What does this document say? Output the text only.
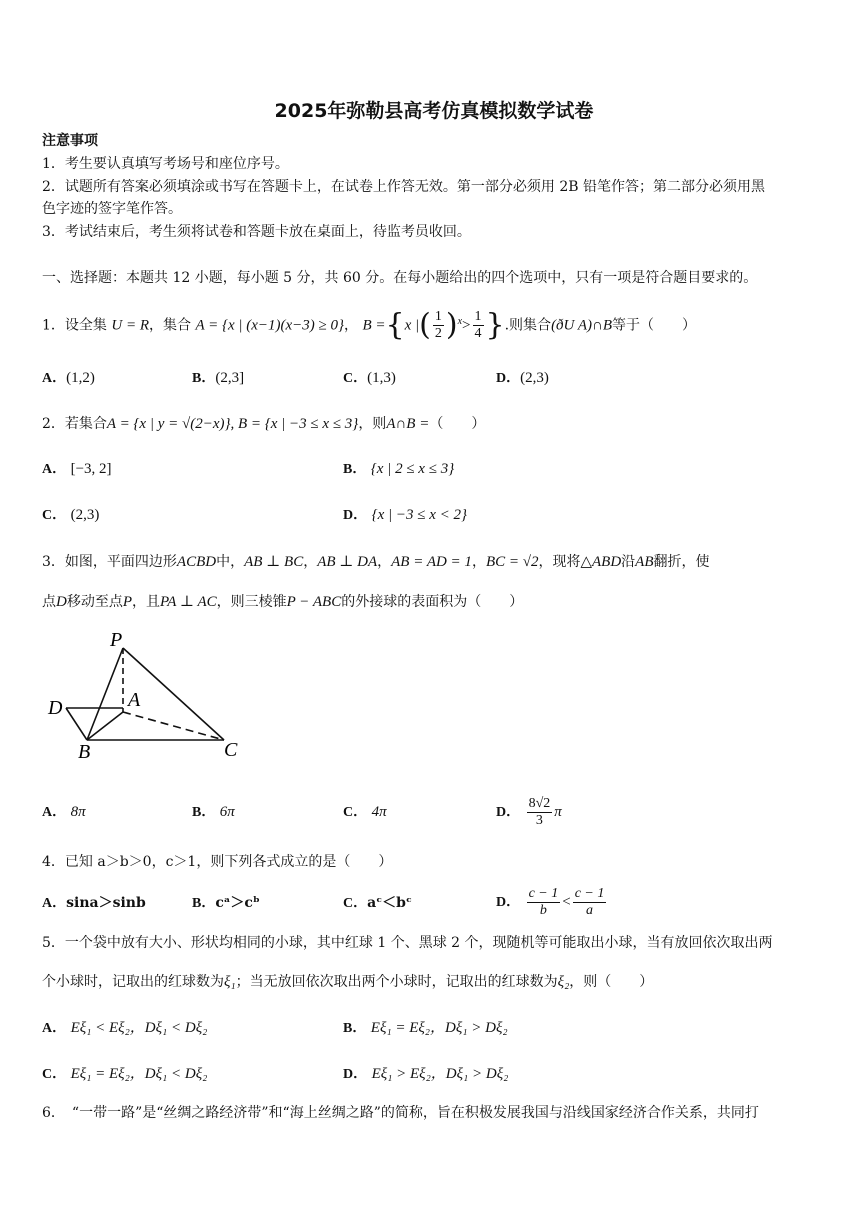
2025年弥勒县高考仿真模拟数学试卷
注意事项
1．考生要认真填写考场号和座位序号。
2．试题所有答案必须填涂或书写在答题卡上，在试卷上作答无效。第一部分必须用 2B 铅笔作答；第二部分必须用黑
色字迹的签字笔作答。
3．考试结束后，考生须将试卷和答题卡放在桌面上，待监考员收回。
一、选择题：本题共 12 小题，每小题 5 分，共 60 分。在每小题给出的四个选项中，只有一项是符合题目要求的。
1．设全集 U = R，集合 A = {x | (x−1)(x−3) ≥ 0}， B ={x |( $\frac{1}{2} )^x> \frac{1}{4}$ }.则集合(ðU A)∩B等于（　　）
A．(1,2)	B．(2,3]	C．(1,3)	D．(2,3)
2．若集合A = {x | y = √(2−x)}, B = {x | −3 ≤ x ≤ 3}，则A∩B =（　　）
A． [−3, 2]	B． {x | 2 ≤ x ≤ 3}
C． (2,3)	D． {x | −3 ≤ x < 2}
3．如图，平面四边形ACBD中，AB ⊥ BC，AB ⊥ DA，AB = AD = 1，BC = √2，现将△ABD沿AB翻折，使
点D移动至点P，且PA ⊥ AC，则三棱锥P − ABC的外接球的表面积为（　　）
P
A
D
B	C
A． 8π	B． 6π	C． 4π	D． $\frac{8√2}{3}$ π
4．已知 a＞b＞0，c＞1，则下列各式成立的是（　　）
A．sina＞sinb	B．cᵃ＞cᵇ	C．aᶜ＜bᶜ	D． $\frac{c - 1}{b} < \frac{c - 1}{a}$
5．一个袋中放有大小、形状均相同的小球，其中红球 1 个、黑球 2 个，现随机等可能取出小球，当有放回依次取出两
个小球时，记取出的红球数为ξ₁；当无放回依次取出两个小球时，记取出的红球数为ξ₂，则（　　）
A． Eξ₁ < Eξ₂，Dξ₁ < Dξ₂	B． Eξ₁ = Eξ₂，Dξ₁ > Dξ₂
C． Eξ₁ = Eξ₂，Dξ₁ < Dξ₂	D． Eξ₁ > Eξ₂，Dξ₁ > Dξ₂
6．　“一带一路”是“丝绸之路经济带”和“海上丝绸之路”的简称，旨在积极发展我国与沿线国家经济合作关系，共同打
